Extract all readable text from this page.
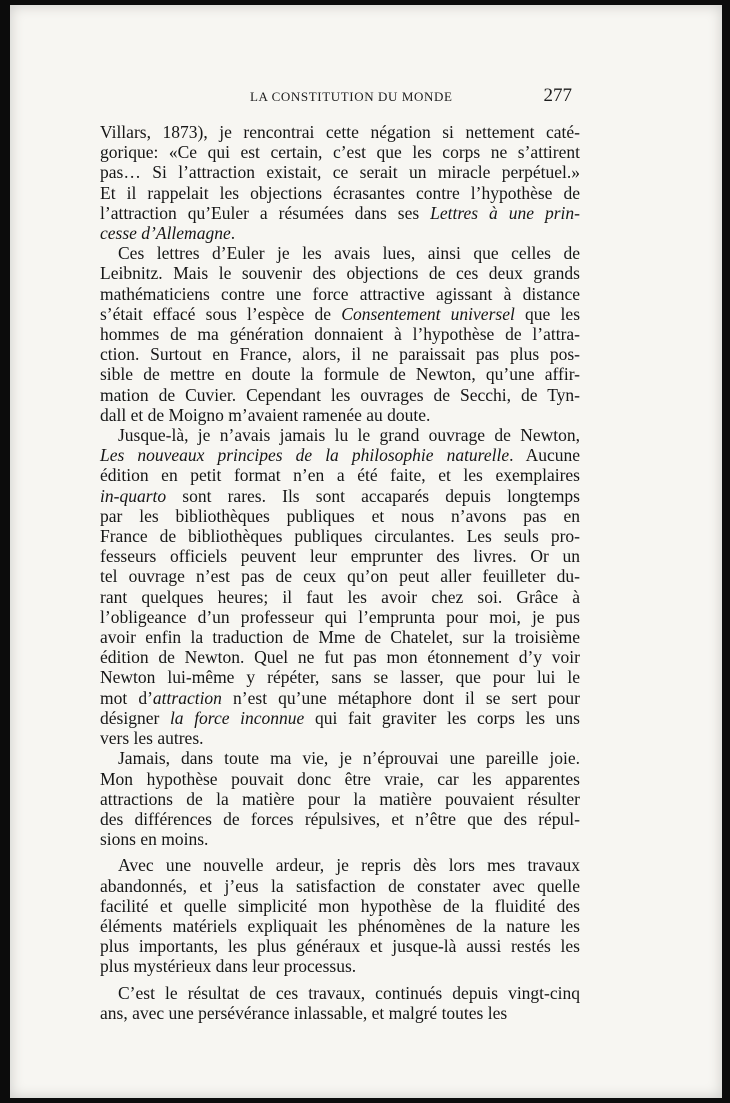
LA CONSTITUTION DU MONDE	277

Villars, 1873), je rencontrai cette négation si nettement caté-
gorique: «Ce qui est certain, c’est que les corps ne s’attirent
pas… Si l’attraction existait, ce serait un miracle perpétuel.»
Et il rappelait les objections écrasantes contre l’hypothèse de
l’attraction qu’Euler a résumées dans ses Lettres à une prin-
cesse d’Allemagne.

Ces lettres d’Euler je les avais lues, ainsi que celles de
Leibnitz. Mais le souvenir des objections de ces deux grands
mathématiciens contre une force attractive agissant à distance
s’était effacé sous l’espèce de Consentement universel que les
hommes de ma génération donnaient à l’hypothèse de l’attra-
ction. Surtout en France, alors, il ne paraissait pas plus pos-
sible de mettre en doute la formule de Newton, qu’une affir-
mation de Cuvier. Cependant les ouvrages de Secchi, de Tyn-
dall et de Moigno m’avaient ramenée au doute.

Jusque-là, je n’avais jamais lu le grand ouvrage de Newton,
Les nouveaux principes de la philosophie naturelle. Aucune
édition en petit format n’en a été faite, et les exemplaires
in-quarto sont rares. Ils sont accaparés depuis longtemps
par les bibliothèques publiques et nous n’avons pas en
France de bibliothèques publiques circulantes. Les seuls pro-
fesseurs officiels peuvent leur emprunter des livres. Or un
tel ouvrage n’est pas de ceux qu’on peut aller feuilleter du-
rant quelques heures; il faut les avoir chez soi. Grâce à
l’obligeance d’un professeur qui l’emprunta pour moi, je pus
avoir enfin la traduction de Mme de Chatelet, sur la troisième
édition de Newton. Quel ne fut pas mon étonnement d’y voir
Newton lui-même y répéter, sans se lasser, que pour lui le
mot d’attraction n’est qu’une métaphore dont il se sert pour
désigner la force inconnue qui fait graviter les corps les uns
vers les autres.

Jamais, dans toute ma vie, je n’éprouvai une pareille joie.
Mon hypothèse pouvait donc être vraie, car les apparentes
attractions de la matière pour la matière pouvaient résulter
des différences de forces répulsives, et n’être que des répul-
sions en moins.

Avec une nouvelle ardeur, je repris dès lors mes travaux
abandonnés, et j’eus la satisfaction de constater avec quelle
facilité et quelle simplicité mon hypothèse de la fluidité des
éléments matériels expliquait les phénomènes de la nature les
plus importants, les plus généraux et jusque-là aussi restés les
plus mystérieux dans leur processus.

C’est le résultat de ces travaux, continués depuis vingt-cinq
ans, avec une persévérance inlassable, et malgré toutes les
